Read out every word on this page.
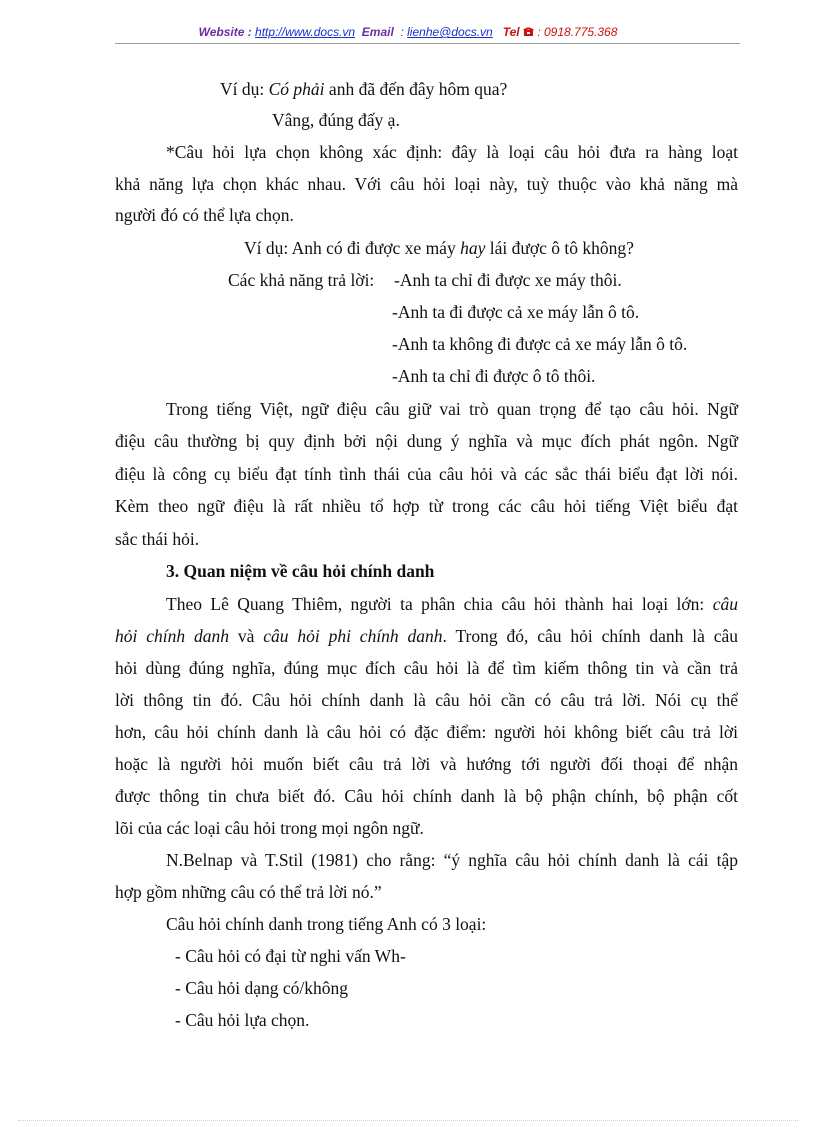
Website : http://www.docs.vn Email : lienhe@docs.vn Tel : 0918.775.368
Ví dụ: Có phải anh đã đến đây hôm qua?
Vâng, đúng đấy ạ.
*Câu hỏi lựa chọn không xác định: đây là loại câu hỏi đưa ra hàng loạt
khả năng lựa chọn khác nhau. Với câu hỏi loại này, tuỳ thuộc vào khả năng mà
người đó có thể lựa chọn.
Ví dụ: Anh có đi được xe máy hay lái được ô tô không?
Các khả năng trả lời: -Anh ta chỉ đi được xe máy thôi.
-Anh ta đi được cả xe máy lẫn ô tô.
-Anh ta không đi được cả xe máy lẫn ô tô.
-Anh ta chỉ đi được ô tô thôi.
Trong tiếng Việt, ngữ điệu câu giữ vai trò quan trọng để tạo câu hỏi. Ngữ
điệu câu thường bị quy định bởi nội dung ý nghĩa và mục đích phát ngôn. Ngữ
điệu là công cụ biểu đạt tính tình thái của câu hỏi và các sắc thái biểu đạt lời nói.
Kèm theo ngữ điệu là rất nhiều tổ hợp từ trong các câu hỏi tiếng Việt biểu đạt
sắc thái hỏi.
3. Quan niệm về câu hỏi chính danh
Theo Lê Quang Thiêm, người ta phân chia câu hỏi thành hai loại lớn: câu
hỏi chính danh và câu hỏi phi chính danh. Trong đó, câu hỏi chính danh là câu
hỏi dùng đúng nghĩa, đúng mục đích câu hỏi là để tìm kiếm thông tin và cần trả
lời thông tin đó. Câu hỏi chính danh là câu hỏi cần có câu trả lời. Nói cụ thể
hơn, câu hỏi chính danh là câu hỏi có đặc điểm: người hỏi không biết câu trả lời
hoặc là người hỏi muốn biết câu trả lời và hướng tới người đối thoại để nhận
được thông tin chưa biết đó. Câu hỏi chính danh là bộ phận chính, bộ phận cốt
lõi của các loại câu hỏi trong mọi ngôn ngữ.
N.Belnap và T.Stil (1981) cho rằng: “ý nghĩa câu hỏi chính danh là cái tập
hợp gồm những câu có thể trả lời nó.”
Câu hỏi chính danh trong tiếng Anh có 3 loại:
- Câu hỏi có đại từ nghi vấn Wh-
- Câu hỏi dạng có/không
- Câu hỏi lựa chọn.
